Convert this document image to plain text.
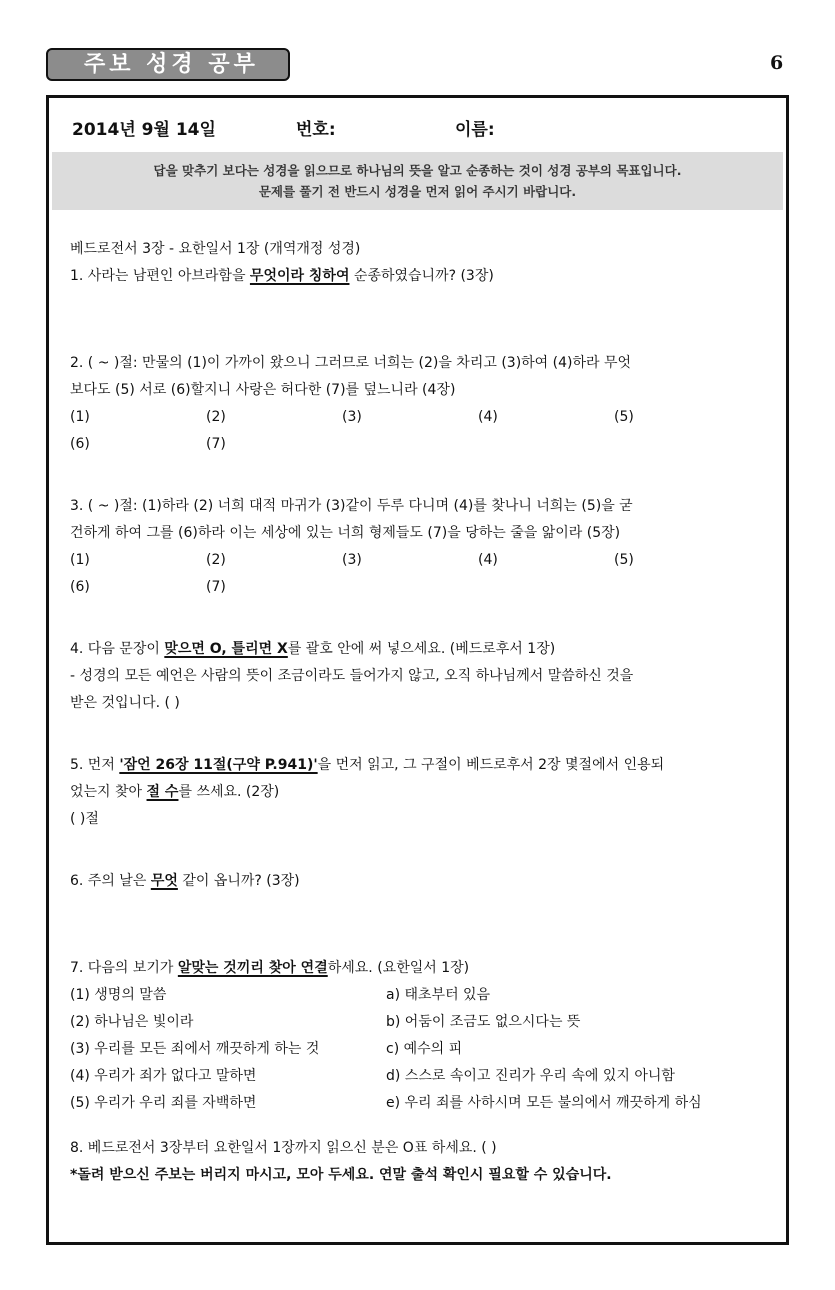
주보 성경 공부	6
2014년 9월 14일	번호:	이름:
답을 맞추기 보다는 성경을 읽으므로 하나님의 뜻을 알고 순종하는 것이 성경 공부의 목표입니다.
문제를 풀기 전 반드시 성경을 먼저 읽어 주시기 바랍니다.

베드로전서 3장 - 요한일서 1장 (개역개정 성경)

1. 사라는 남편인 아브라함을 무엇이라 칭하여 순종하였습니까? (3장)

2. ( ~ )절: 만물의 (1)이 가까이 왔으니 그러므로 너희는 (2)을 차리고 (3)하여 (4)하라 무엇

보다도 (5) 서로 (6)할지니 사랑은 허다한 (7)를 덮느니라 (4장)

(1)	(2)	(3)	(4)	(5)
(6)	(7)

3. ( ~ )절: (1)하라 (2) 너희 대적 마귀가 (3)같이 두루 다니며 (4)를 찾나니 너희는 (5)을 굳

건하게 하여 그를 (6)하라 이는 세상에 있는 너희 형제들도 (7)을 당하는 줄을 앎이라 (5장)

(1)	(2)	(3)	(4)	(5)
(6)	(7)

4. 다음 문장이 맞으면 O, 틀리면 X를 괄호 안에 써 넣으세요. (베드로후서 1장)

- 성경의 모든 예언은 사람의 뜻이 조금이라도 들어가지 않고, 오직 하나님께서 말씀하신 것을

받은 것입니다. ( )

5. 먼저 '잠언 26장 11절(구약 P.941)'을 먼저 읽고, 그 구절이 베드로후서 2장 몇절에서 인용되

었는지 찾아 절 수를 쓰세요. (2장)

( )절

6. 주의 날은 무엇 같이 옵니까? (3장)

7. 다음의 보기가 알맞는 것끼리 찾아 연결하세요. (요한일서 1장)

(1) 생명의 말씀	a) 태초부터 있음
(2) 하나님은 빛이라	b) 어둠이 조금도 없으시다는 뜻
(3) 우리를 모든 죄에서 깨끗하게 하는 것	c) 예수의 피
(4) 우리가 죄가 없다고 말하면	d) 스스로 속이고 진리가 우리 속에 있지 아니함
(5) 우리가 우리 죄를 자백하면	e) 우리 죄를 사하시며 모든 불의에서 깨끗하게 하심

8. 베드로전서 3장부터 요한일서 1장까지 읽으신 분은 O표 하세요. ( )

*돌려 받으신 주보는 버리지 마시고, 모아 두세요. 연말 출석 확인시 필요할 수 있습니다.
